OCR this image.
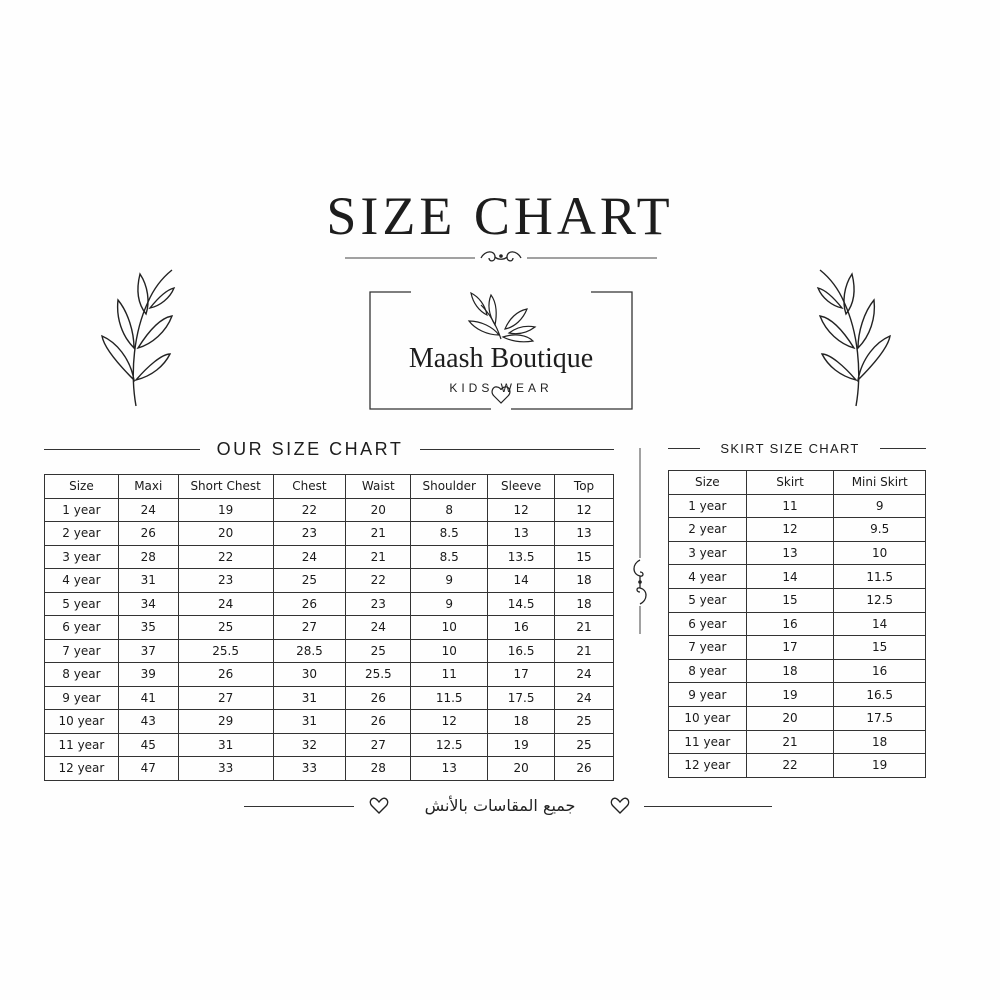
SIZE CHART
Maash Boutique
KIDS WEAR
OUR SIZE CHART	SKIRT SIZE CHART
Size	Maxi	Short Chest	Chest	Waist	Shoulder	Sleeve	Top
1 year	24	19	22	20	8	12	12
2 year	26	20	23	21	8.5	13	13
3 year	28	22	24	21	8.5	13.5	15
4 year	31	23	25	22	9	14	18
5 year	34	24	26	23	9	14.5	18
6 year	35	25	27	24	10	16	21
7 year	37	25.5	28.5	25	10	16.5	21
8 year	39	26	30	25.5	11	17	24
9 year	41	27	31	26	11.5	17.5	24
10 year	43	29	31	26	12	18	25
11 year	45	31	32	27	12.5	19	25
12 year	47	33	33	28	13	20	26
Size	Skirt	Mini Skirt
1 year	11	9
2 year	12	9.5
3 year	13	10
4 year	14	11.5
5 year	15	12.5
6 year	16	14
7 year	17	15
8 year	18	16
9 year	19	16.5
10 year	20	17.5
11 year	21	18
12 year	22	19
جميع المقاسات بالأنش
